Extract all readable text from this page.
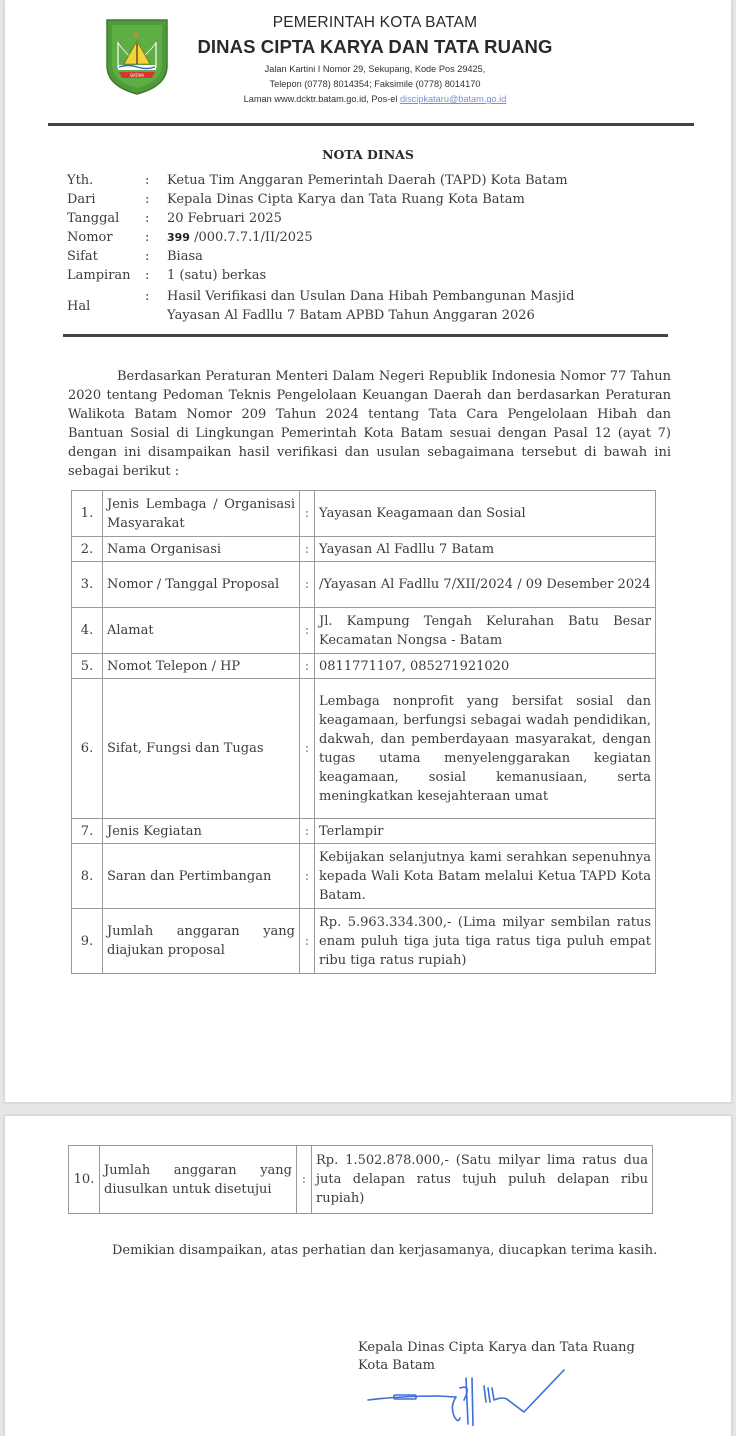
BATAM
PEMERINTAH KOTA BATAM
DINAS CIPTA KARYA DAN TATA RUANG
Jalan Kartini I Nomor 29, Sekupang, Kode Pos 29425,
Telepon (0778) 8014354; Faksimile (0778) 8014170
Laman www.dcktr.batam.go.id, Pos-el discipkataru@batam.go.id
NOTA DINAS
Yth.	: Ketua Tim Anggaran Pemerintah Daerah (TAPD) Kota Batam
Dari	: Kepala Dinas Cipta Karya dan Tata Ruang Kota Batam
Tanggal : 20 Februari 2025
Nomor : 399 /000.7.7.1/II/2025
Sifat	: Biasa
Lampiran : 1 (satu) berkas
Hal
: Hasil Verifikasi dan Usulan Dana Hibah Pembangunan Masjid
Yayasan Al Fadllu 7 Batam APBD Tahun Anggaran 2026
Berdasarkan Peraturan Menteri Dalam Negeri Republik Indonesia Nomor 77 Tahun 2020 tentang Pedoman Teknis Pengelolaan Keuangan Daerah dan berdasarkan Peraturan Walikota Batam Nomor 209 Tahun 2024 tentang Tata Cara Pengelolaan Hibah dan Bantuan Sosial di Lingkungan Pemerintah Kota Batam sesuai dengan Pasal 12 (ayat 7) dengan ini disampaikan hasil verifikasi dan usulan sebagaimana tersebut di bawah ini sebagai berikut :
1.	Jenis Lembaga / Organisasi Masyarakat	:	Yayasan Keagamaan dan Sosial
2.	Nama Organisasi	:	Yayasan Al Fadllu 7 Batam
3.	Nomor / Tanggal Proposal	:	/Yayasan Al Fadllu 7/XII/2024 / 09 Desember 2024
4.	Alamat	:	Jl. Kampung Tengah Kelurahan Batu Besar Kecamatan Nongsa - Batam
5.	Nomot Telepon / HP	:	0811771107, 085271921020
6.	Sifat, Fungsi dan Tugas	:	Lembaga nonprofit yang bersifat sosial dan keagamaan, berfungsi sebagai wadah pendidikan, dakwah, dan pemberdayaan masyarakat, dengan tugas utama menyelenggarakan kegiatan keagamaan, sosial kemanusiaan, serta meningkatkan kesejahteraan umat
7.	Jenis Kegiatan	:	Terlampir
8.	Saran dan Pertimbangan	:	Kebijakan selanjutnya kami serahkan sepenuhnya kepada Wali Kota Batam melalui Ketua TAPD Kota Batam.
9.	Jumlah anggaran yang diajukan proposal	:	Rp. 5.963.334.300,- (Lima milyar sembilan ratus enam puluh tiga juta tiga ratus tiga puluh empat ribu tiga ratus rupiah)
10.	Jumlah anggaran yang diusulkan untuk disetujui	:	Rp. 1.502.878.000,- (Satu milyar lima ratus dua juta delapan ratus tujuh puluh delapan ribu rupiah)
Demikian disampaikan, atas perhatian dan kerjasamanya, diucapkan terima kasih.
Kepala Dinas Cipta Karya dan Tata Ruang
Kota Batam
